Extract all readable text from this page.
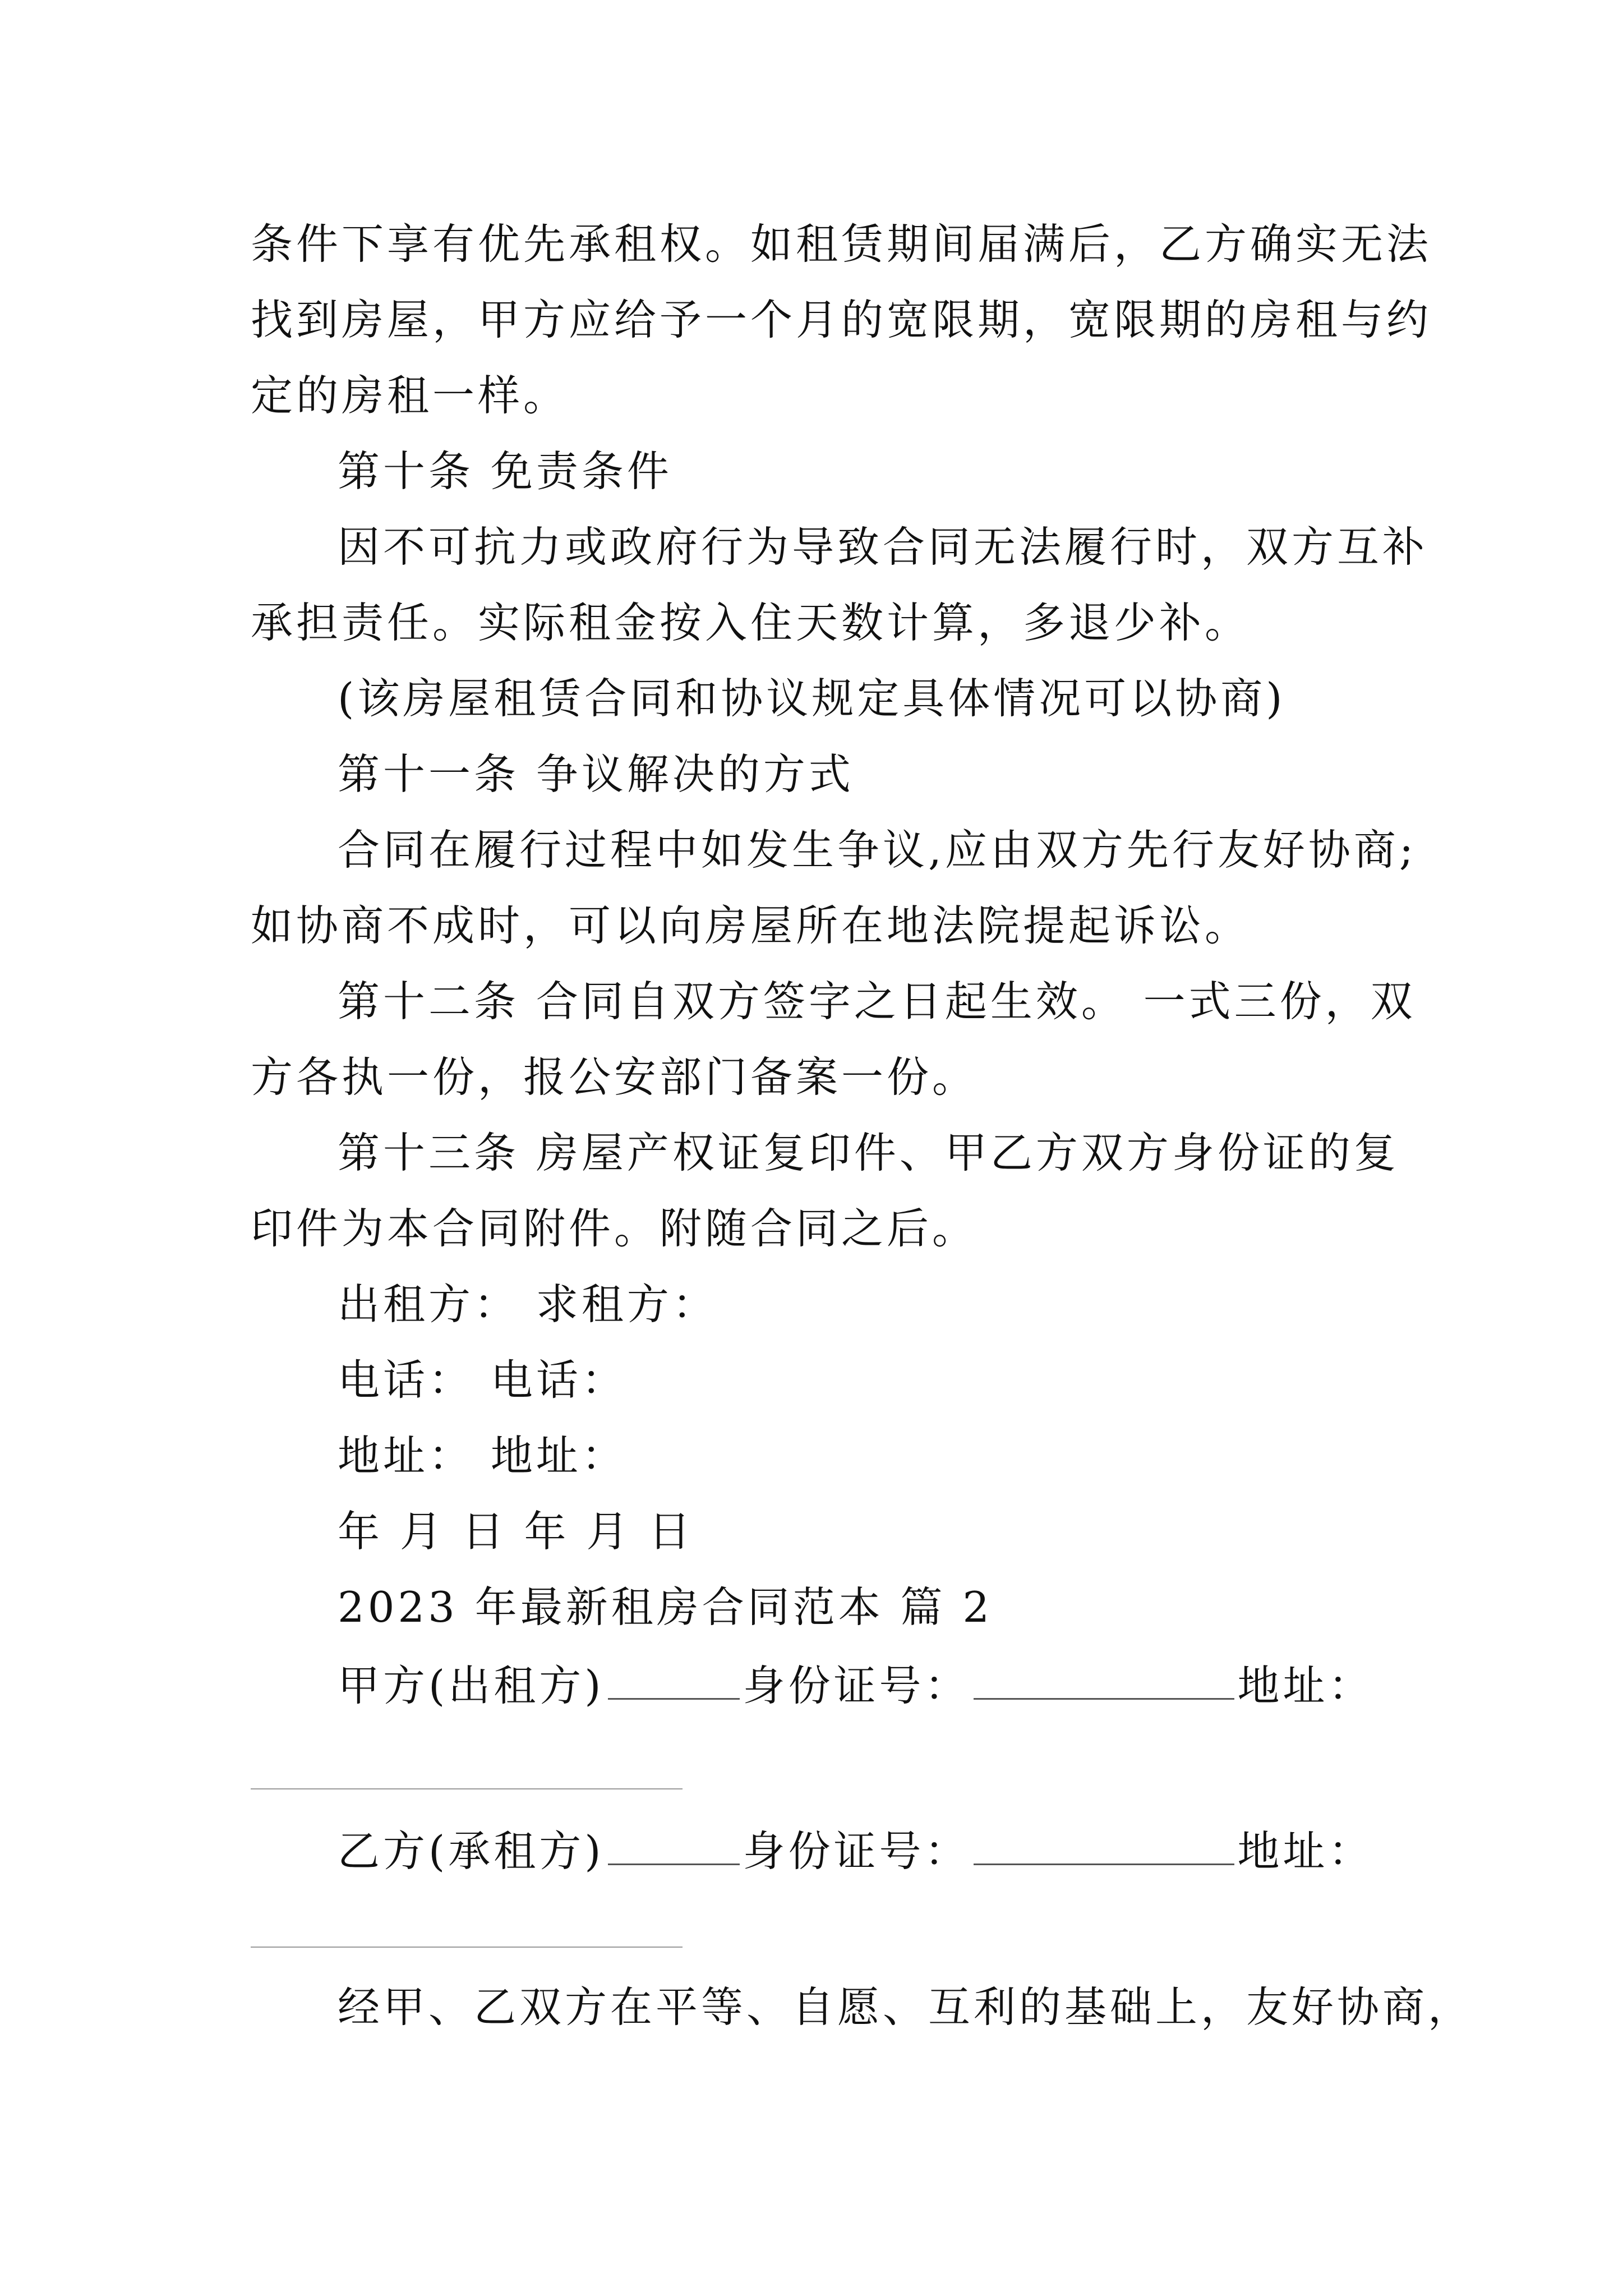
条件下享有优先承租权。如租赁期间届满后，乙方确实无法
找到房屋，甲方应给予一个月的宽限期，宽限期的房租与约
定的房租一样。
第十条 免责条件
因不可抗力或政府行为导致合同无法履行时，双方互补
承担责任。实际租金按入住天数计算，多退少补。
(该房屋租赁合同和协议规定具体情况可以协商)
第十一条 争议解决的方式
合同在履行过程中如发生争议,应由双方先行友好协商;
如协商不成时，可以向房屋所在地法院提起诉讼。
第十二条 合同自双方签字之日起生效。 一式三份，双
方各执一份，报公安部门备案一份。
第十三条 房屋产权证复印件、甲乙方双方身份证的复
印件为本合同附件。附随合同之后。
出租方： 求租方：
电话： 电话：
地址： 地址：
年 月 日 年 月 日
2023 年最新租房合同范本 篇 2
甲方(出租方)	身份证号：	地址：
乙方(承租方)	身份证号：	地址：
经甲、乙双方在平等、自愿、互利的基础上，友好协商，
